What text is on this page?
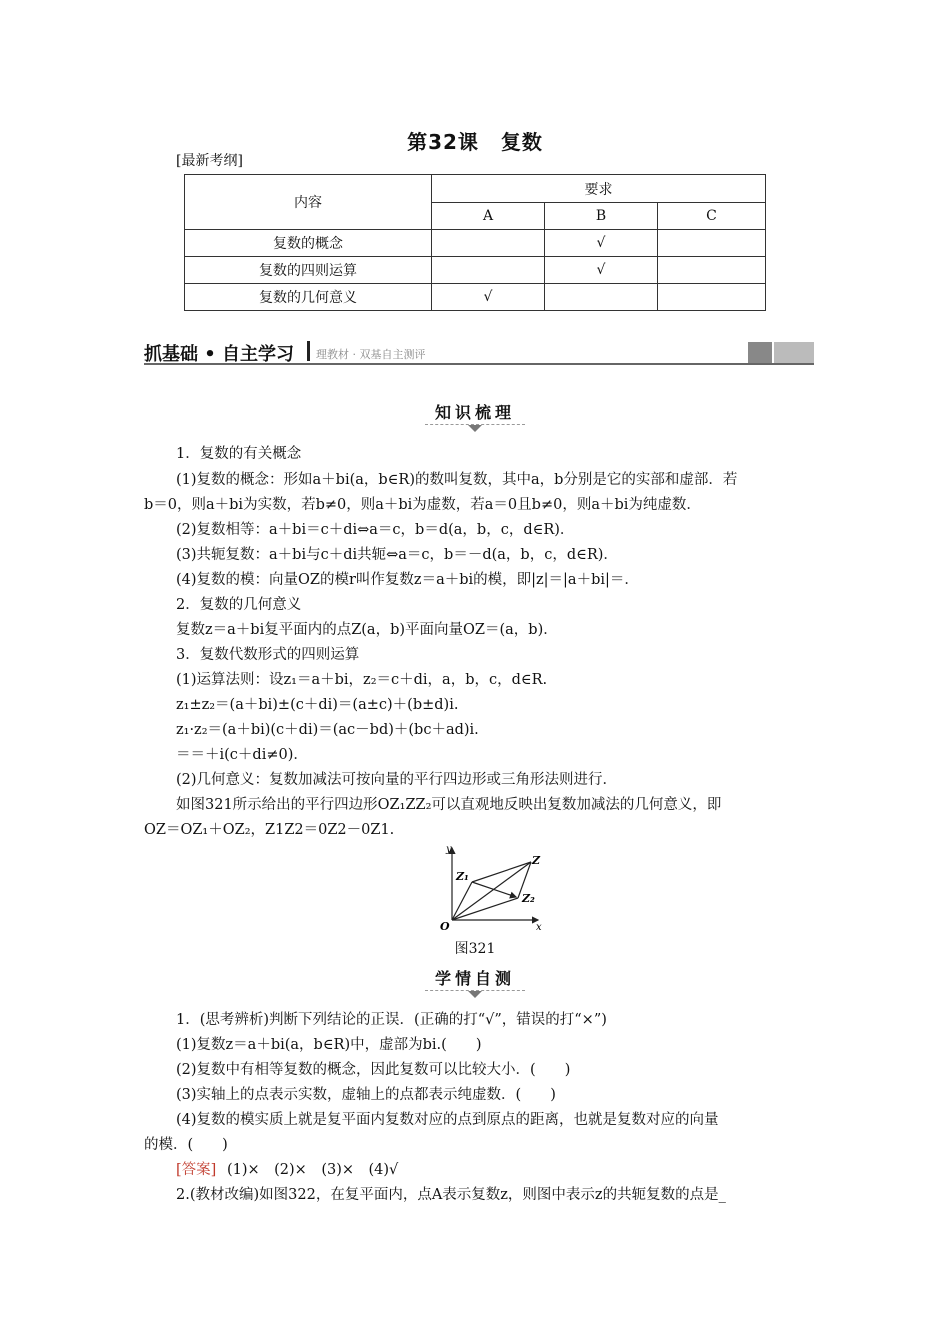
第32课 复数
[最新考纲]
内容	要求		
	A	B	C
复数的概念		√	
复数的四则运算		√	
复数的几何意义	√		
抓基础 • 自主学习 理教材 · 双基自主测评
知识梳理
1．复数的有关概念
(1)复数的概念：形如a＋bi(a，b∈R)的数叫复数，其中a，b分别是它的实部和虚部．若
b＝0，则a＋bi为实数，若b≠0，则a＋bi为虚数，若a＝0且b≠0，则a＋bi为纯虚数．
(2)复数相等：a＋bi＝c＋di⇔a＝c，b＝d(a，b，c，d∈R)．
(3)共轭复数：a＋bi与c＋di共轭⇔a＝c，b＝－d(a，b，c，d∈R)．
(4)复数的模：向量OZ的模r叫作复数z＝a＋bi的模，即|z|＝|a＋bi|＝．
2．复数的几何意义
复数z＝a＋bi复平面内的点Z(a，b)平面向量OZ＝(a，b)．
3．复数代数形式的四则运算
(1)运算法则：设z₁＝a＋bi，z₂＝c＋di，a，b，c，d∈R.
z₁±z₂＝(a＋bi)±(c＋di)＝(a±c)＋(b±d)i.
z₁·z₂＝(a＋bi)(c＋di)＝(ac－bd)＋(bc＋ad)i.
＝＝＋i(c＋di≠0)．
(2)几何意义：复数加减法可按向量的平行四边形或三角形法则进行．
如图321所示给出的平行四边形OZ₁ZZ₂可以直观地反映出复数加减法的几何意义，即
OZ＝OZ₁＋OZ₂，Z1Z2＝0Z2－0Z1.
y
x
O
Z
Z₁
Z₂
图321
学情自测
1．(思考辨析)判断下列结论的正误．(正确的打“√”，错误的打“×”)
(1)复数z＝a＋bi(a，b∈R)中，虚部为bi.(　　)
(2)复数中有相等复数的概念，因此复数可以比较大小．(　　)
(3)实轴上的点表示实数，虚轴上的点都表示纯虚数．(　　)
(4)复数的模实质上就是复平面内复数对应的点到原点的距离，也就是复数对应的向量
的模．(　　)
[答案] (1)×　(2)×　(3)×　(4)√
2.(教材改编)如图322，在复平面内，点A表示复数z，则图中表示z的共轭复数的点是_
